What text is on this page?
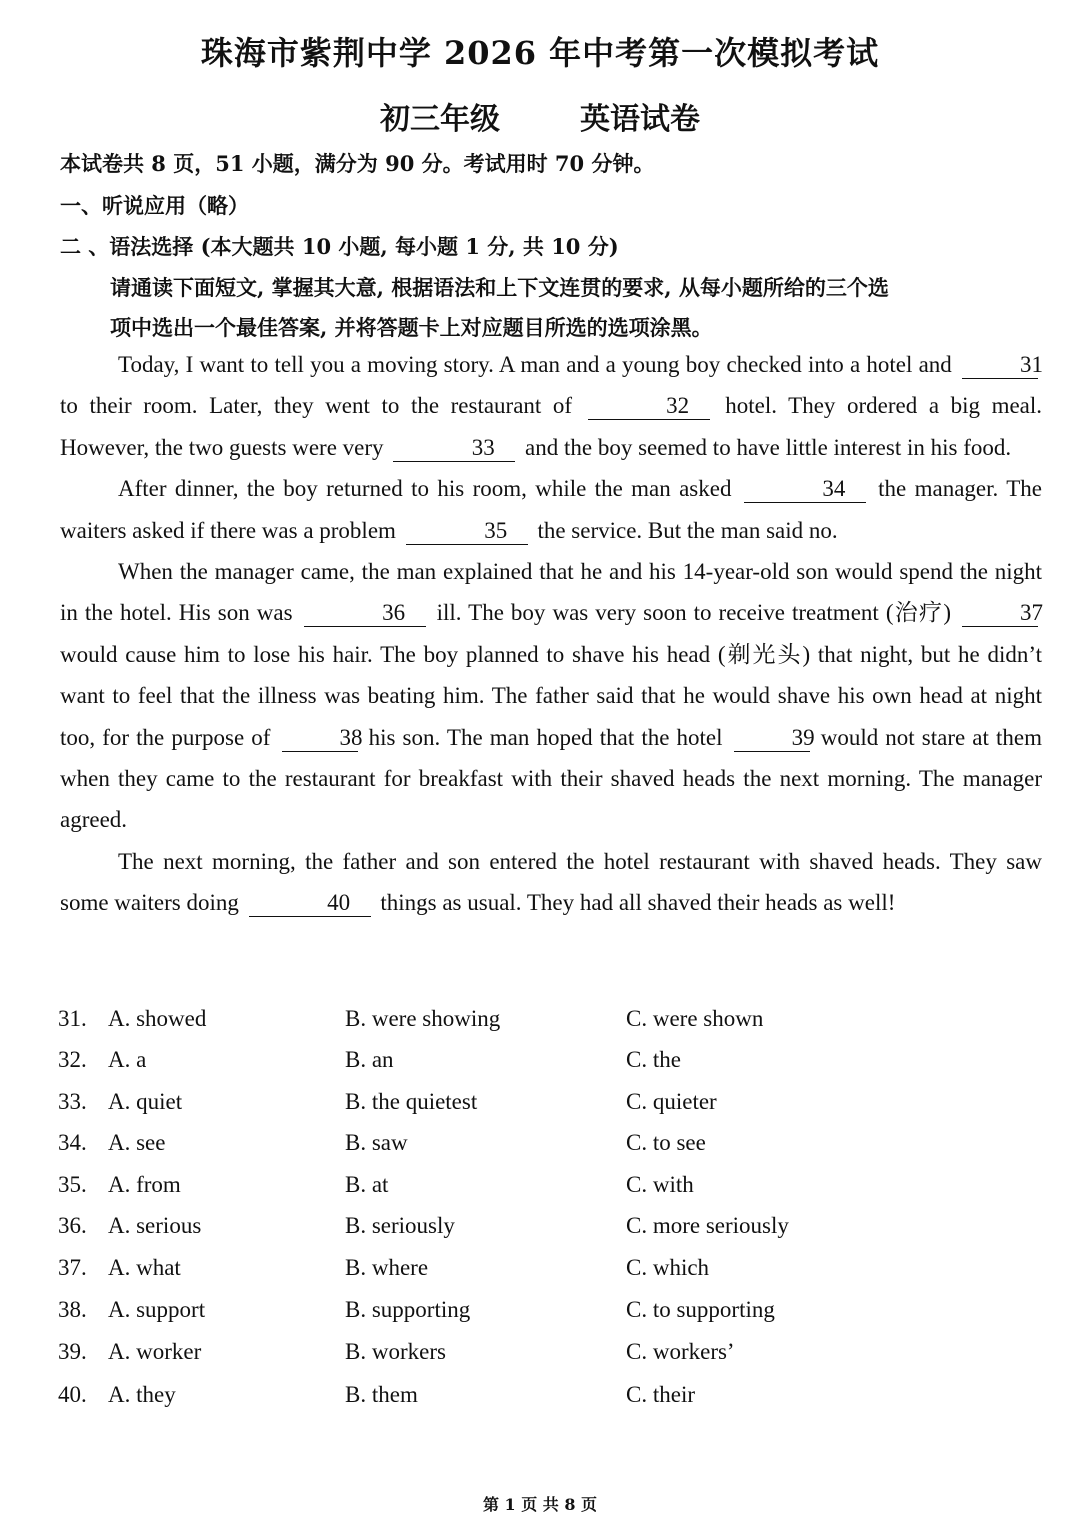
珠海市紫荆中学 2026 年中考第一次模拟考试
初三年级	英语试卷
本试卷共 8 页，51 小题，满分为 90 分。考试用时 70 分钟。
一、听说应用（略）
二 、语法选择 (本大题共 10 小题, 每小题 1 分, 共 10 分)
请通读下面短文, 掌握其大意, 根据语法和上下文连贯的要求, 从每小题所给的三个选
项中选出一个最佳答案, 并将答题卡上对应题目所选的选项涂黑。

Today, I want to tell you a moving story. A man and a young boy checked into a hotel and	31 to their room. Later, they went to the restaurant of	32 hotel. They ordered a big meal. However, the two guests were very	33 and the boy seemed to have little interest in his food.

After dinner, the boy returned to his room, while the man asked	34 the manager. The waiters asked if there was a problem	35 the service. But the man said no.

When the manager came, the man explained that he and his 14-year-old son would spend the night in the hotel. His son was	36 ill. The boy was very soon to receive treatment (治疗)	37 would cause him to lose his hair. The boy planned to shave his head (剃光头) that night, but he didn’t want to feel that the illness was beating him. The father said that he would shave his own head at night too, for the purpose of	38 his son. The man hoped that the hotel	39 would not stare at them when they came to the restaurant for breakfast with their shaved heads the next morning. The manager agreed.

The next morning, the father and son entered the hotel restaurant with shaved heads. They saw some waiters doing	40 things as usual. They had all shaved their heads as well!

31. A. showed	B. were showing	C. were shown
32. A. a	B. an	C. the
33. A. quiet	B. the quietest	C. quieter
34. A. see	B. saw	C. to see
35. A. from	B. at	C. with
36. A. serious	B. seriously	C. more seriously
37. A. what	B. where	C. which
38. A. support	B. supporting	C. to supporting
39. A. worker	B. workers	C. workers’
40. A. they	B. them	C. their
第 1 页 共 8 页
